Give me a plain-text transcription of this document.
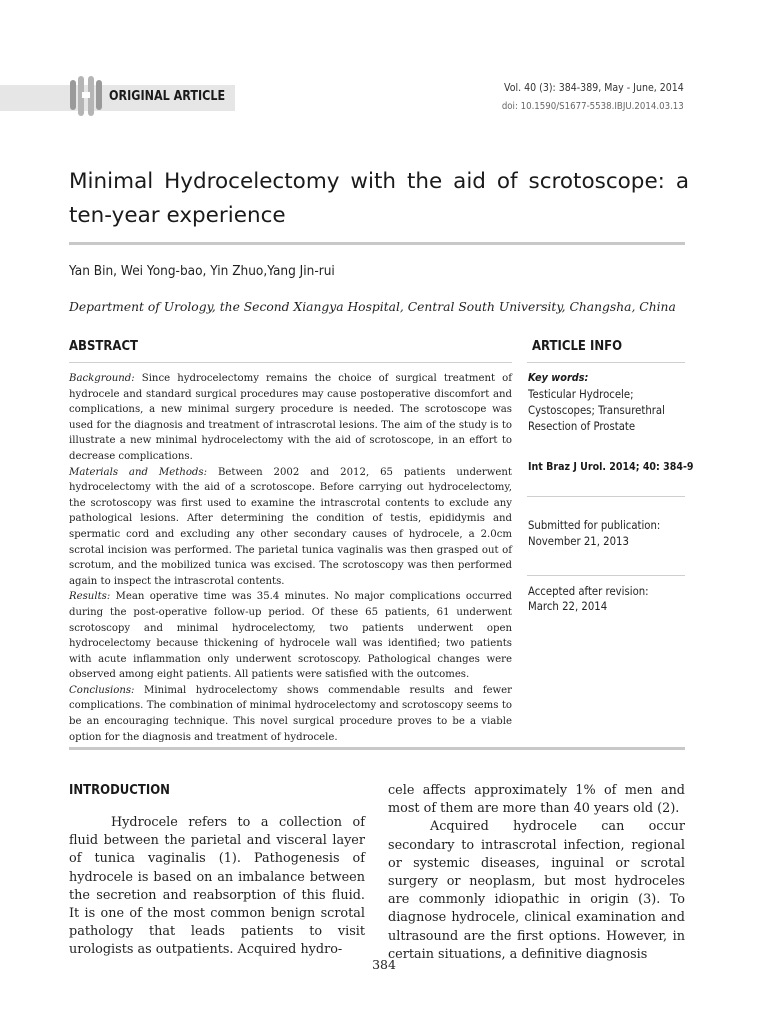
ORIGINAL ARTICLE
Vol. 40 (3): 384-389, May - June, 2014
doi: 10.1590/S1677-5538.IBJU.2014.03.13
Minimal Hydrocelectomy with the aid of scrotoscope: a ten-year experience
Yan Bin, Wei Yong-bao, Yin Zhuo,Yang Jin-rui
Department of Urology, the Second Xiangya Hospital, Central South University, Changsha, China
ABSTRACT

Background: Since hydrocelectomy remains the choice of surgical treatment of hydrocele and standard surgical procedures may cause postoperative discomfort and complications, a new minimal surgery procedure is needed. The scrotoscope was used for the diagnosis and treatment of intrascrotal lesions. The aim of the study is to illustrate a new minimal hydrocelectomy with the aid of scrotoscope, in an effort to decrease complications.

Materials and Methods: Between 2002 and 2012, 65 patients underwent hydrocelectomy with the aid of a scrotoscope. Before carrying out hydrocelectomy, the scrotoscopy was first used to examine the intrascrotal contents to exclude any pathological lesions. After determining the condition of testis, epididymis and spermatic cord and excluding any other secondary causes of hydrocele, a 2.0cm scrotal incision was performed. The parietal tunica vaginalis was then grasped out of scrotum, and the mobilized tunica was excised. The scrotoscopy was then performed again to inspect the intrascrotal contents.

Results: Mean operative time was 35.4 minutes. No major complications occurred during the post-operative follow-up period. Of these 65 patients, 61 underwent scrotoscopy and minimal hydrocelectomy, two patients underwent open hydrocelectomy because thickening of hydrocele wall was identified; two patients with acute inflammation only underwent scrotoscopy. Pathological changes were observed among eight patients. All patients were satisfied with the outcomes.

Conclusions: Minimal hydrocelectomy shows commendable results and fewer complications. The combination of minimal hydrocelectomy and scrotoscopy seems to be an encouraging technique. This novel surgical procedure proves to be a viable option for the diagnosis and treatment of hydrocele.

ARTICLE INFO
Key words:
Testicular Hydrocele;
Cystoscopes; Transurethral
Resection of Prostate
Int Braz J Urol. 2014; 40: 384-9
Submitted for publication:
November 21, 2013
Accepted after revision:
March 22, 2014
INTRODUCTION

Hydrocele refers to a collection of fluid between the parietal and visceral layer of tunica vaginalis (1). Pathogenesis of hydrocele is based on an imbalance between the secretion and reabsorption of this fluid. It is one of the most common benign scrotal pathology that leads patients to visit urologists as outpatients. Acquired hydro-

cele affects approximately 1% of men and most of them are more than 40 years old (2).

Acquired hydrocele can occur secondary to intrascrotal infection, regional or systemic diseases, inguinal or scrotal surgery or neoplasm, but most hydroceles are commonly idiopathic in origin (3). To diagnose hydrocele, clinical examination and ultrasound are the first options. However, in certain situations, a definitive diagnosis

384
